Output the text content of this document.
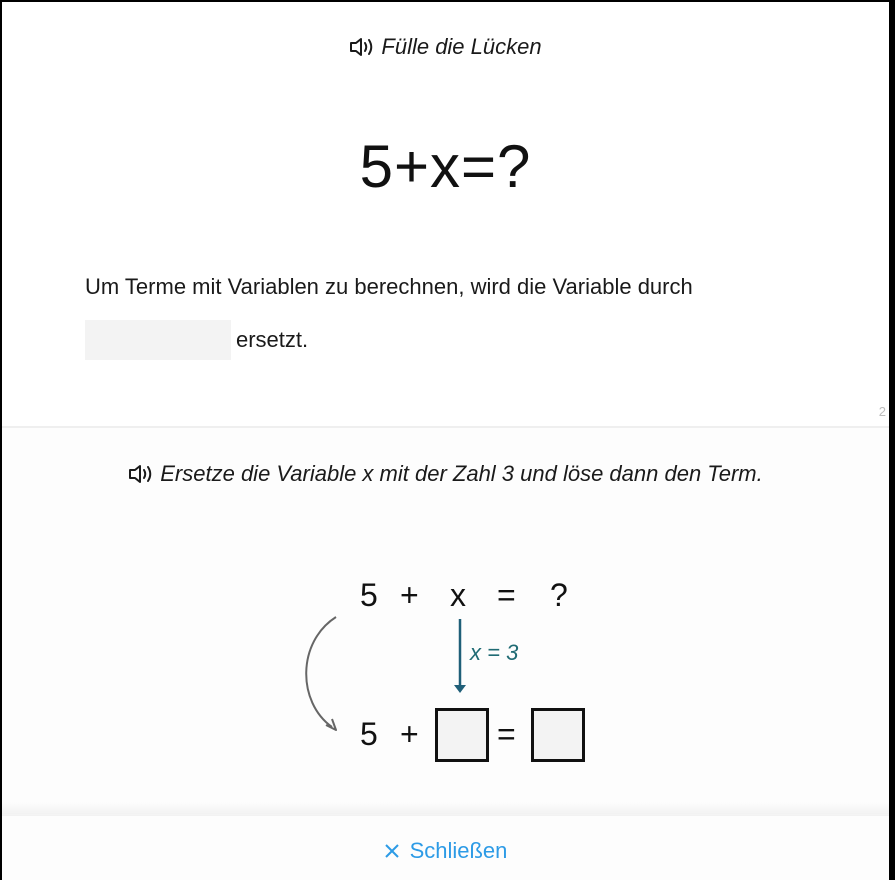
Fülle die Lücken
5+x=?
Um Terme mit Variablen zu berechnen, wird die Variable durch
ersetzt.
2
Ersetze die Variable x mit der Zahl 3 und löse dann den Term.
5 + x = ?
x = 3
5 + =
Schließen
